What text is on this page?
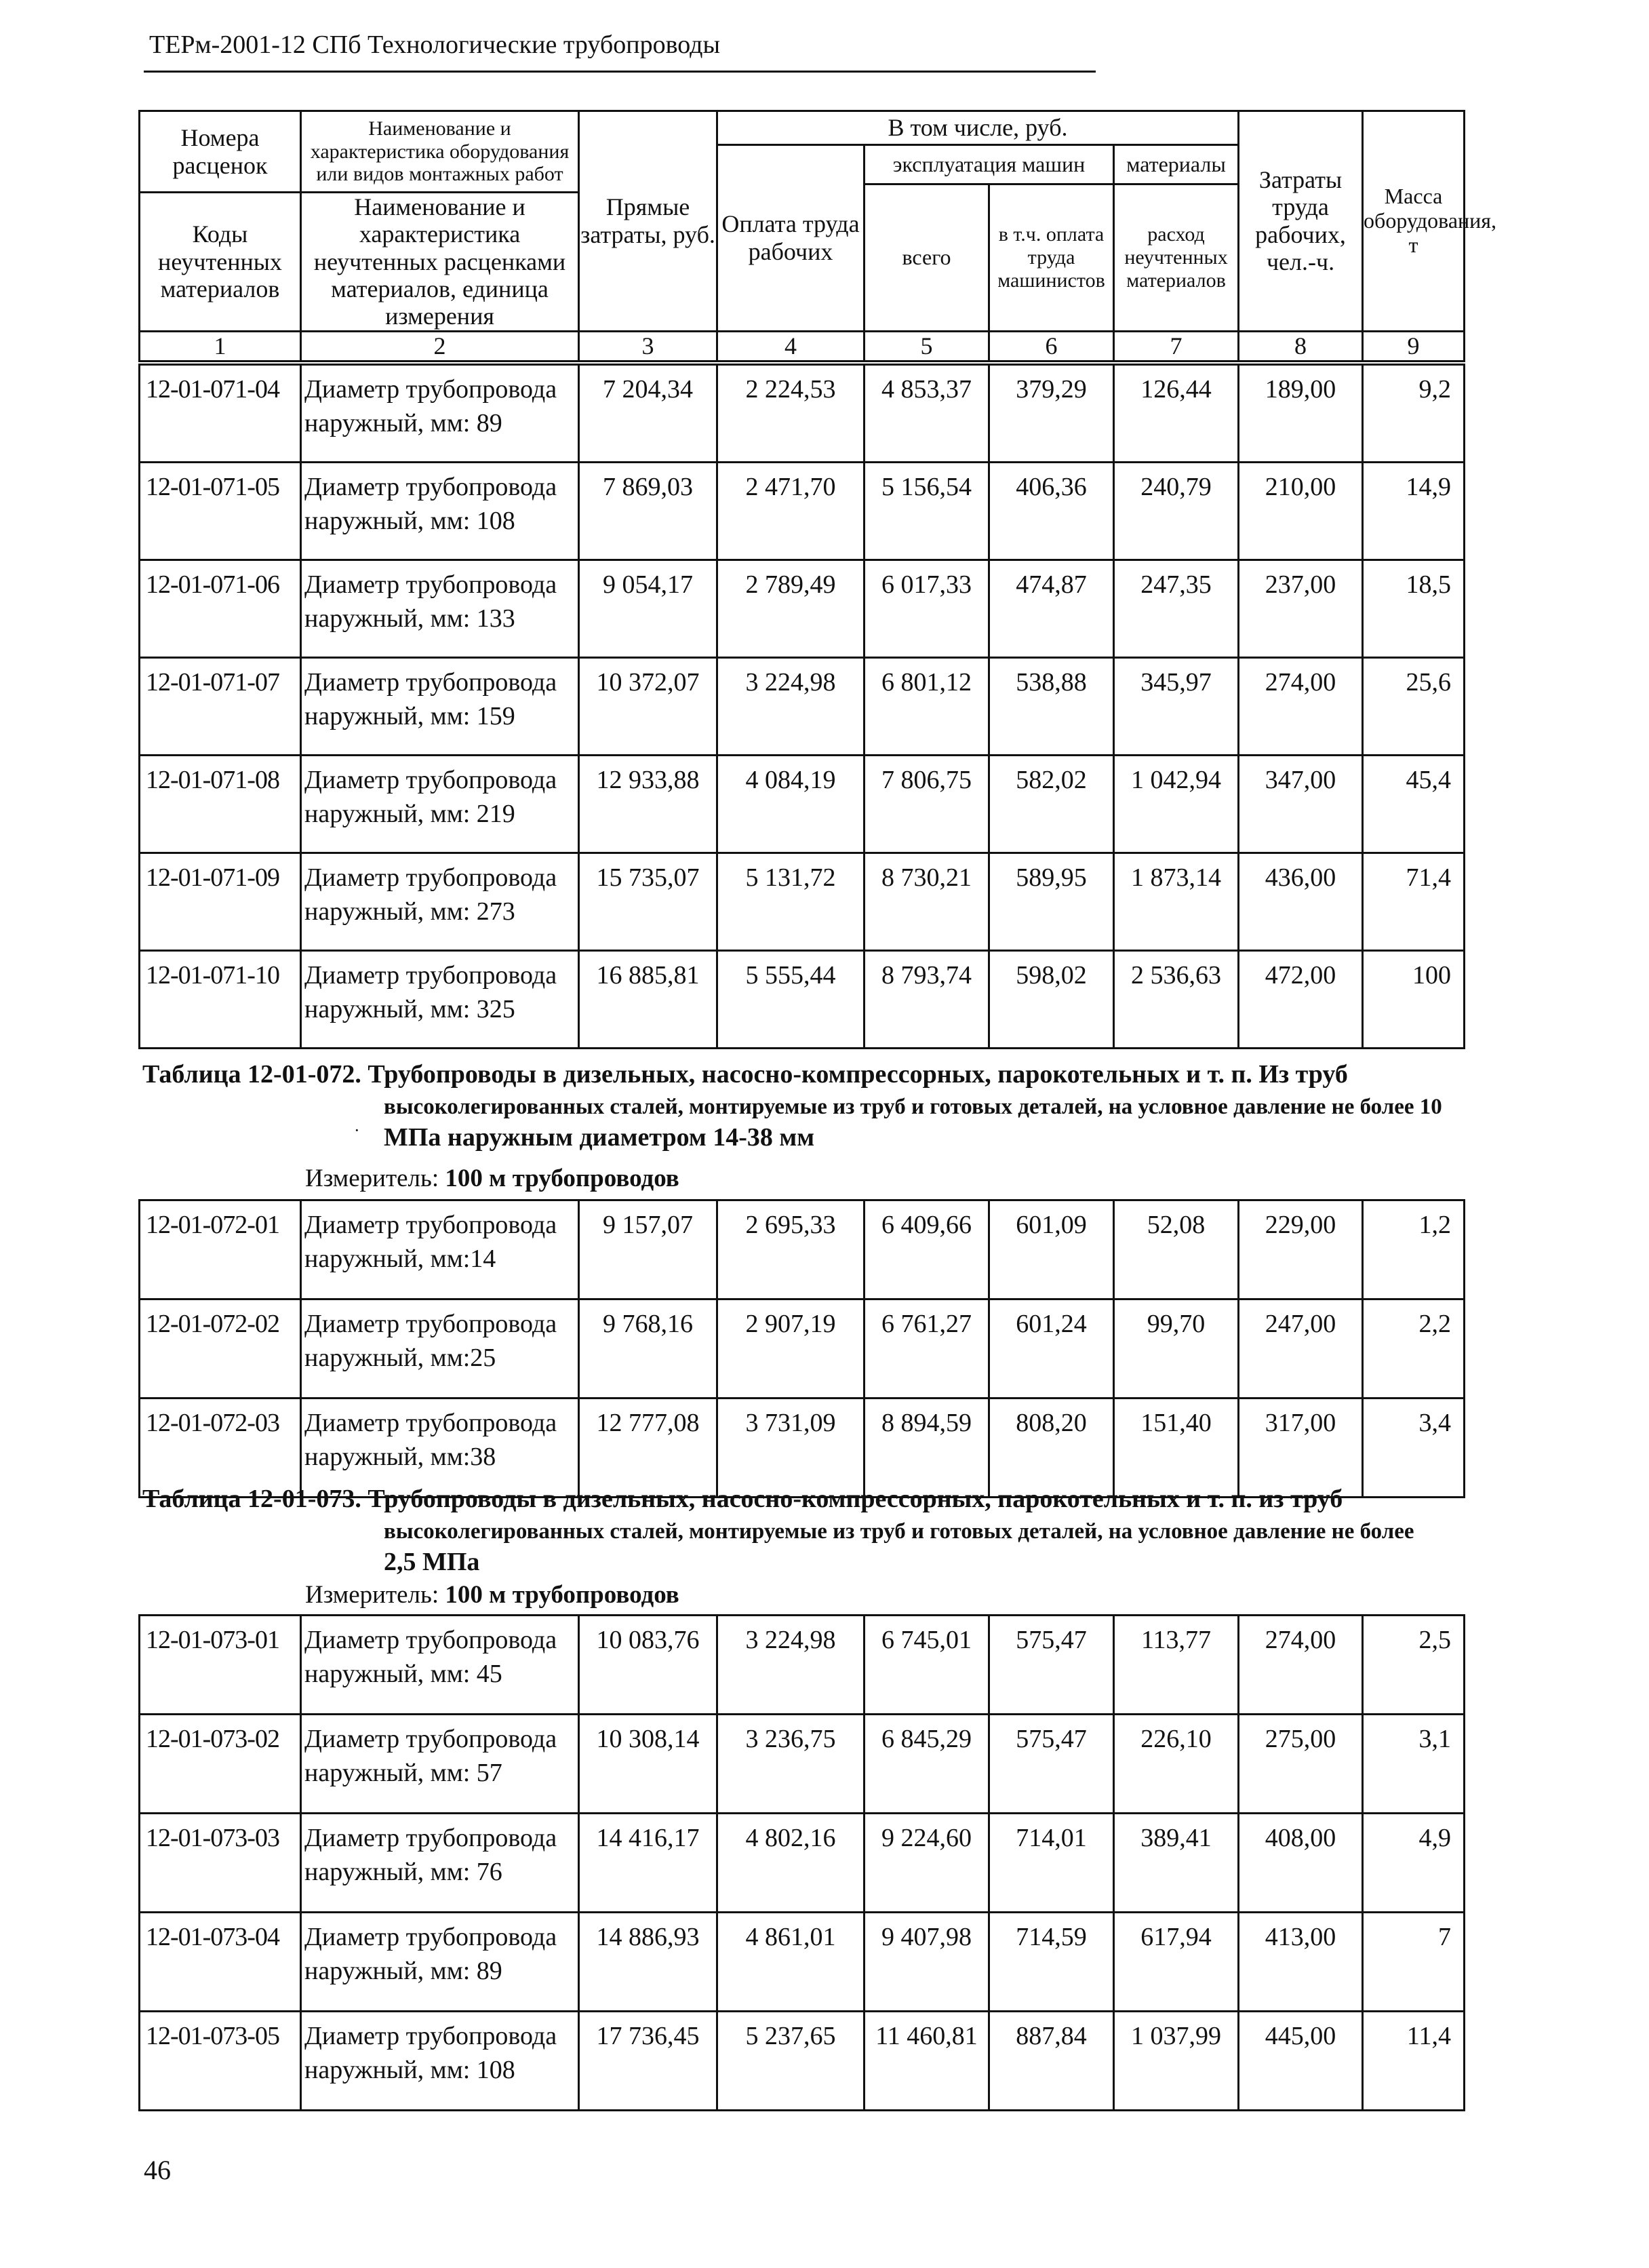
ТЕРм-2001-12 СПб Технологические трубопроводы
Номера расценок	Наименование и характеристика оборудования или видов монтажных работ	Прямые затраты, руб.	В том числе, руб.				Затраты труда рабочих, чел.-ч.	Масса оборудования, т
			Оплата труда рабочих	эксплуатация машин		материалы		
				всего	в т.ч. оплата труда машинистов	расход неучтенных материалов		
Коды неучтенных материалов	Наименование и характеристика неучтенных расценками материалов, единица измерения							

1	2	3	4	5	6	7	8	9
12-01-071-04	Диаметр трубопровода наружный, мм: 89	7 204,34	2 224,53	4 853,37	379,29	126,44	189,00	9,2
12-01-071-05	Диаметр трубопровода наружный, мм: 108	7 869,03	2 471,70	5 156,54	406,36	240,79	210,00	14,9
12-01-071-06	Диаметр трубопровода наружный, мм: 133	9 054,17	2 789,49	6 017,33	474,87	247,35	237,00	18,5
12-01-071-07	Диаметр трубопровода наружный, мм: 159	10 372,07	3 224,98	6 801,12	538,88	345,97	274,00	25,6
12-01-071-08	Диаметр трубопровода наружный, мм: 219	12 933,88	4 084,19	7 806,75	582,02	1 042,94	347,00	45,4
12-01-071-09	Диаметр трубопровода наружный, мм: 273	15 735,07	5 131,72	8 730,21	589,95	1 873,14	436,00	71,4
12-01-071-10	Диаметр трубопровода наружный, мм: 325	16 885,81	5 555,44	8 793,74	598,02	2 536,63	472,00	100
Таблица 12-01-072. Трубопроводы в дизельных, насосно-компрессорных, парокотельных и т. п. Из труб
высоколегированных сталей, монтируемые из труб и готовых деталей, на условное давление не более 10
МПа наружным диаметром 14-38 мм
·
Измеритель: 100 м трубопроводов
12-01-072-01	Диаметр трубопровода наружный, мм:14	9 157,07	2 695,33	6 409,66	601,09	52,08	229,00	1,2
12-01-072-02	Диаметр трубопровода наружный, мм:25	9 768,16	2 907,19	6 761,27	601,24	99,70	247,00	2,2
12-01-072-03	Диаметр трубопровода наружный, мм:38	12 777,08	3 731,09	8 894,59	808,20	151,40	317,00	3,4
Таблица 12-01-073. Трубопроводы в дизельных, насосно-компрессорных, парокотельных и т. п. из труб
высоколегированных сталей, монтируемые из труб и готовых деталей, на условное давление не более
2,5 МПа
Измеритель: 100 м трубопроводов
12-01-073-01	Диаметр трубопровода наружный, мм: 45	10 083,76	3 224,98	6 745,01	575,47	113,77	274,00	2,5
12-01-073-02	Диаметр трубопровода наружный, мм: 57	10 308,14	3 236,75	6 845,29	575,47	226,10	275,00	3,1
12-01-073-03	Диаметр трубопровода наружный, мм: 76	14 416,17	4 802,16	9 224,60	714,01	389,41	408,00	4,9
12-01-073-04	Диаметр трубопровода наружный, мм: 89	14 886,93	4 861,01	9 407,98	714,59	617,94	413,00	7
12-01-073-05	Диаметр трубопровода наружный, мм: 108	17 736,45	5 237,65	11 460,81	887,84	1 037,99	445,00	11,4
46
